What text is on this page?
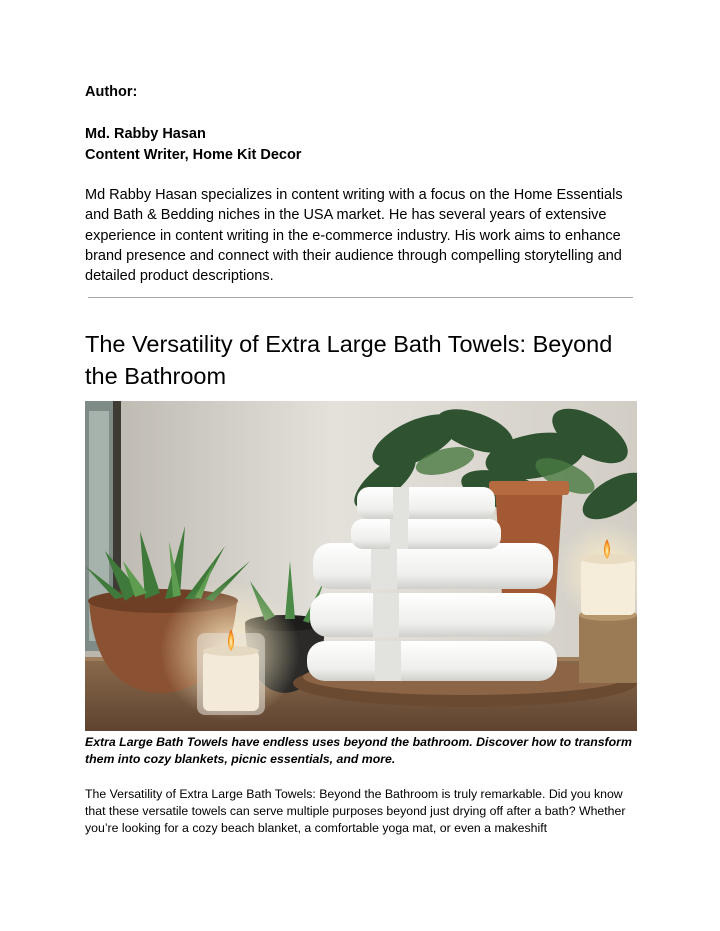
Author:
Md. Rabby Hasan
Content Writer, Home Kit Decor
Md Rabby Hasan specializes in content writing with a focus on the Home Essentials and Bath & Bedding niches in the USA market. He has several years of extensive experience in content writing in the e-commerce industry. His work aims to enhance brand presence and connect with their audience through compelling storytelling and detailed product descriptions.
The Versatility of Extra Large Bath Towels: Beyond the Bathroom
Extra Large Bath Towels have endless uses beyond the bathroom. Discover how to transform them into cozy blankets, picnic essentials, and more.
The Versatility of Extra Large Bath Towels: Beyond the Bathroom is truly remarkable. Did you know that these versatile towels can serve multiple purposes beyond just drying off after a bath? Whether you’re looking for a cozy beach blanket, a comfortable yoga mat, or even a makeshift
